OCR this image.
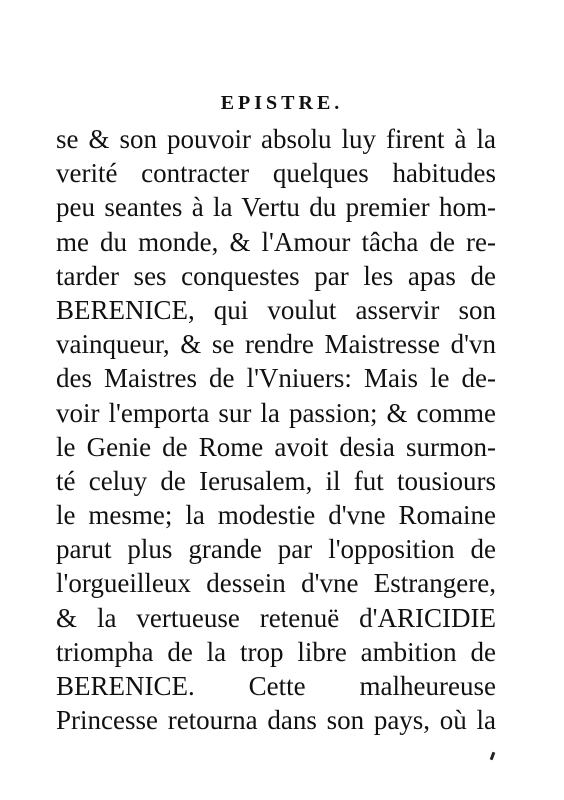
EPISTRE.
se & son pouvoir absolu luy firent à la
verité contracter quelques habitudes
peu seantes à la Vertu du premier hom-
me du monde, & l'Amour tâcha de re-
tarder ses conquestes par les apas de
BERENICE, qui voulut asservir son
vainqueur, & se rendre Maistresse d'vn
des Maistres de l'Vniuers: Mais le de-
voir l'emporta sur la passion; & comme
le Genie de Rome avoit desia surmon-
té celuy de Ierusalem, il fut tousiours
le mesme; la modestie d'vne Romaine
parut plus grande par l'opposition de
l'orgueilleux dessein d'vne Estrangere,
& la vertueuse retenuë d'ARICIDIE
triompha de la trop libre ambition de
BERENICE. Cette malheureuse
Princesse retourna dans son pays, où la
